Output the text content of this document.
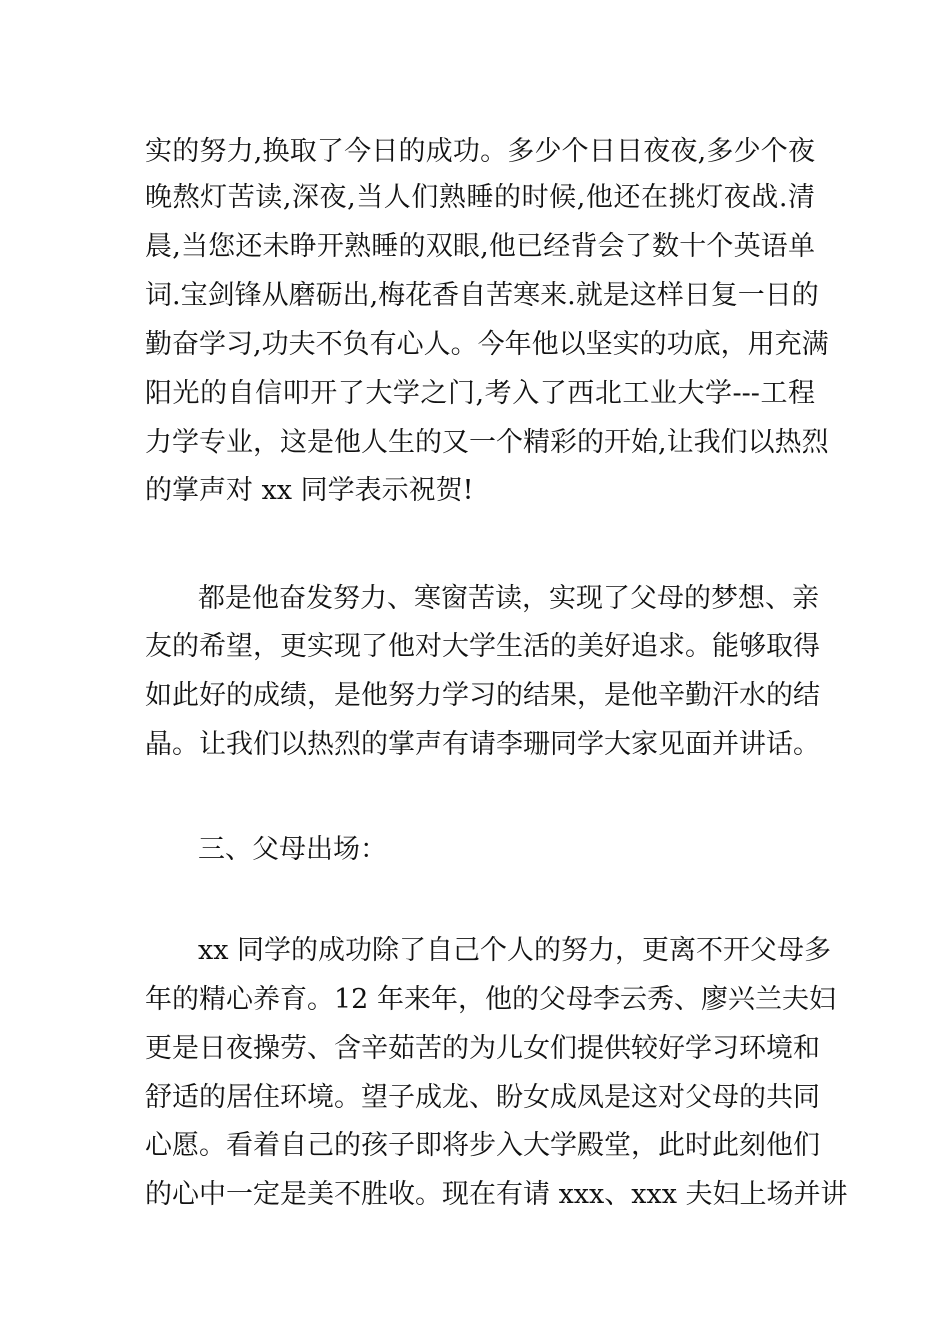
实的努力,换取了今日的成功。多少个日日夜夜,多少个夜
晚熬灯苦读,深夜,当人们熟睡的时候,他还在挑灯夜战.清
晨,当您还未睁开熟睡的双眼,他已经背会了数十个英语单
词.宝剑锋从磨砺出,梅花香自苦寒来.就是这样日复一日的
勤奋学习,功夫不负有心人。今年他以坚实的功底，用充满
阳光的自信叩开了大学之门,考入了西北工业大学---工程
力学专业，这是他人生的又一个精彩的开始,让我们以热烈
的掌声对 xx 同学表示祝贺!
都是他奋发努力、寒窗苦读，实现了父母的梦想、亲
友的希望，更实现了他对大学生活的美好追求。能够取得
如此好的成绩，是他努力学习的结果，是他辛勤汗水的结
晶。让我们以热烈的掌声有请李珊同学大家见面并讲话。
三、父母出场：
xx 同学的成功除了自己个人的努力，更离不开父母多
年的精心养育。12 年来年，他的父母李云秀、廖兴兰夫妇
更是日夜操劳、含辛茹苦的为儿女们提供较好学习环境和
舒适的居住环境。望子成龙、盼女成凤是这对父母的共同
心愿。看着自己的孩子即将步入大学殿堂，此时此刻他们
的心中一定是美不胜收。现在有请 xxx、xxx 夫妇上场并讲
